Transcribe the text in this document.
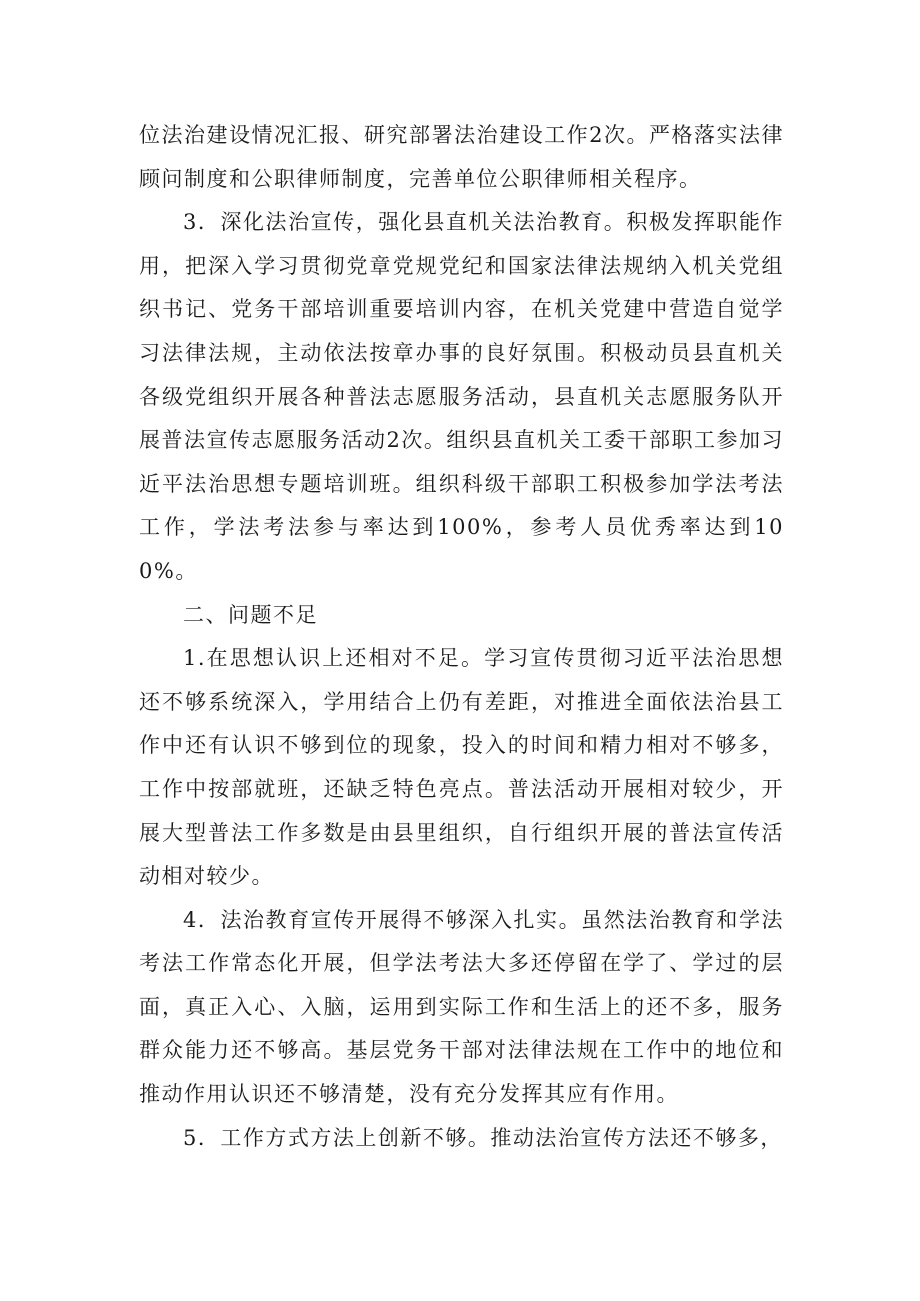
位法治建设情况汇报、研究部署法治建设工作2次。严格落实法律顾问制度和公职律师制度，完善单位公职律师相关程序。

3．深化法治宣传，强化县直机关法治教育。积极发挥职能作用，把深入学习贯彻党章党规党纪和国家法律法规纳入机关党组织书记、党务干部培训重要培训内容，在机关党建中营造自觉学习法律法规，主动依法按章办事的良好氛围。积极动员县直机关各级党组织开展各种普法志愿服务活动，县直机关志愿服务队开展普法宣传志愿服务活动2次。组织县直机关工委干部职工参加习近平法治思想专题培训班。组织科级干部职工积极参加学法考法工作，学法考法参与率达到100%，参考人员优秀率达到100%。

二、问题不足

1.在思想认识上还相对不足。学习宣传贯彻习近平法治思想还不够系统深入，学用结合上仍有差距，对推进全面依法治县工作中还有认识不够到位的现象，投入的时间和精力相对不够多，工作中按部就班，还缺乏特色亮点。普法活动开展相对较少，开展大型普法工作多数是由县里组织，自行组织开展的普法宣传活动相对较少。

4．法治教育宣传开展得不够深入扎实。虽然法治教育和学法考法工作常态化开展，但学法考法大多还停留在学了、学过的层面，真正入心、入脑，运用到实际工作和生活上的还不多，服务群众能力还不够高。基层党务干部对法律法规在工作中的地位和推动作用认识还不够清楚，没有充分发挥其应有作用。

5．工作方式方法上创新不够。推动法治宣传方法还不够多，
